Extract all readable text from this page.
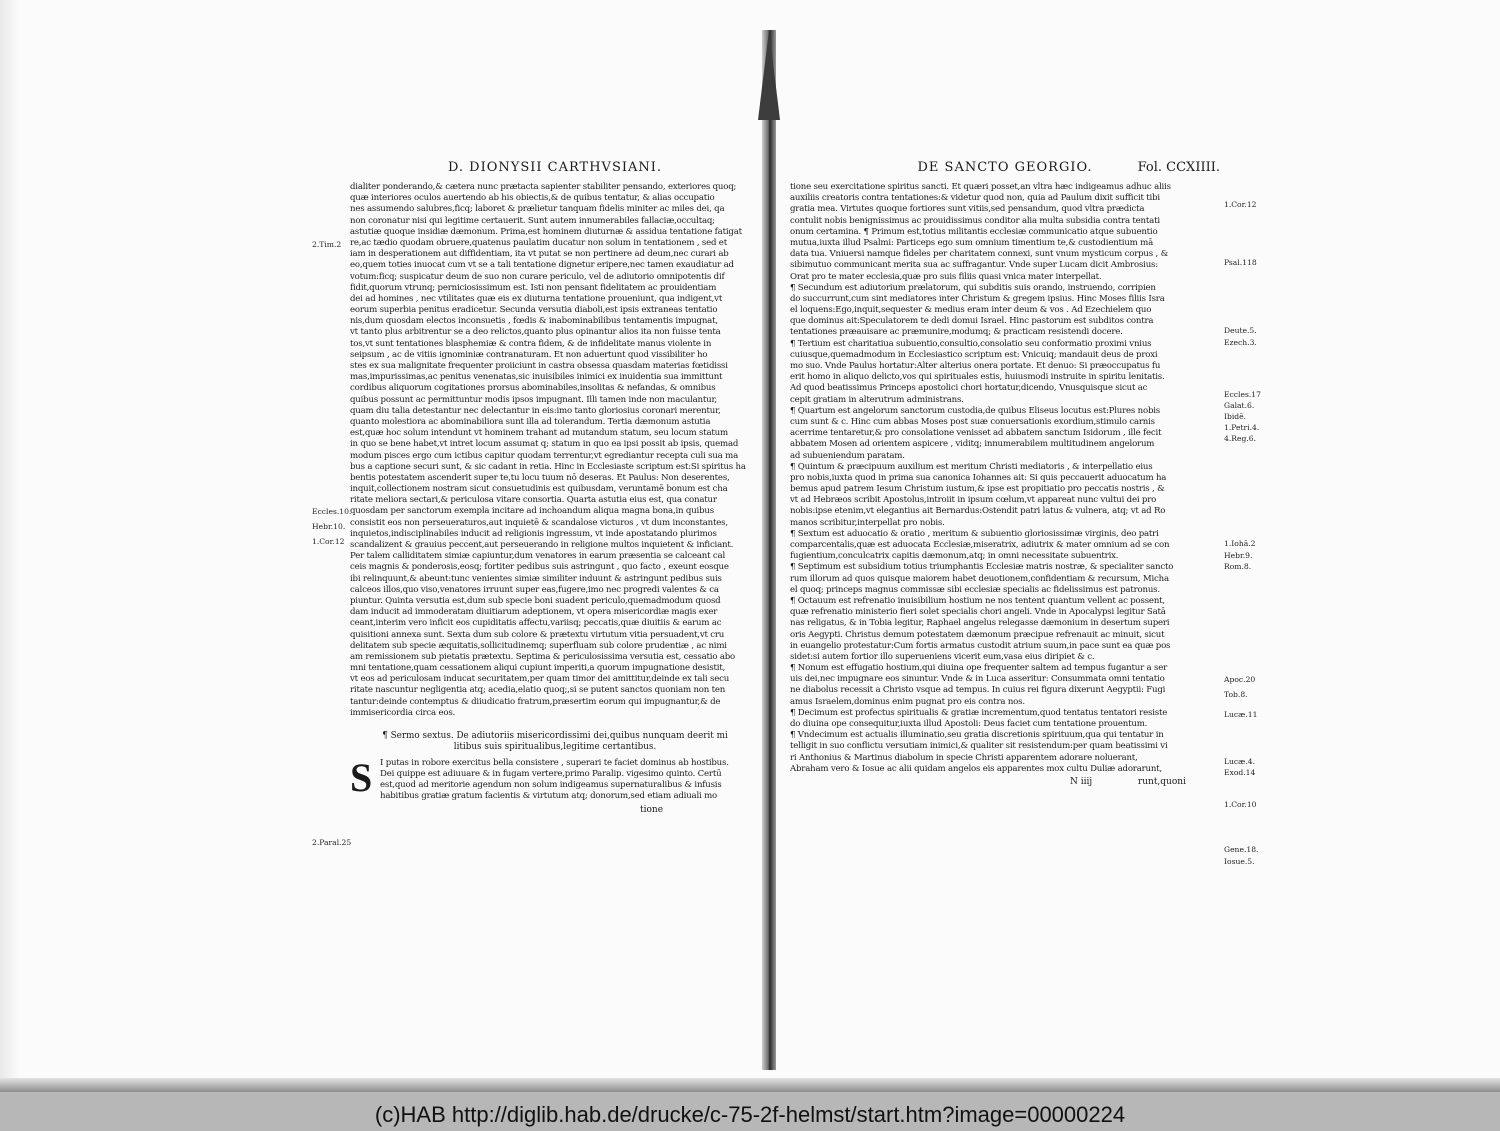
D. DIONYSII CARTHVSIANI.
dialiter ponderando,& cætera nunc prætacta sapienter stabiliter pensando, exteriores quoq;
quæ interiores oculos auertendo ab his obiectis,& de quibus tentatur, & alias occupatio
nes assumendo salubres,ficq; laboret & prælietur tanquam fidelis miniter ac miles dei, qa
non coronatur nisi qui legitime certauerit. Sunt autem innumerabiles fallaciæ,occultaq;
astutiæ quoque insidiæ dæmonum. Prima,est hominem diuturnæ & assidua tentatione fatigat
re,ac tædio quodam obruere,quatenus paulatim ducatur non solum in tentationem , sed et
iam in desperationem aut diffidentiam, ita vt putat se non pertinere ad deum,nec curari ab
eo,quem toties inuocat cum vt se a tali tentatione dignetur eripere,nec tamen exaudiatur ad
votum:ficq; suspicatur deum de suo non curare periculo, vel de adiutorio omnipotentis dif
fidit,quorum vtrunq; perniciosissimum est. Isti non pensant fidelitatem ac prouidentiam
dei ad homines , nec vtilitates quæ eis ex diuturna tentatione proueniunt, qua indigent,vt
eorum superbia penitus eradicetur. Secunda versutia diaboli,est ipsis extraneas tentatio
nis,dum quosdam electos inconsuetis , fœdis & inabominabilibus tentamentis impugnat,
vt tanto plus arbitrentur se a deo relictos,quanto plus opinantur alios ita non fuisse tenta
tos,vt sunt tentationes blasphemiæ & contra fidem, & de infidelitate manus violente in
seipsum , ac de vitiis ignominiæ contranaturam. Et non aduertunt quod vissibiliter ho
stes ex sua malignitate frequenter proiiciunt in castra obsessa quasdam materias fœtidissi
mas,impurissimas,ac penitus venenatas,sic inuisibiles inimici ex inuidentia sua immittunt
cordibus aliquorum cogitationes prorsus abominabiles,insolitas & nefandas, & omnibus
quibus possunt ac permittuntur modis ipsos impugnant. Illi tamen inde non maculantur,
quam diu talia detestantur nec delectantur in eis:imo tanto gloriosius coronari merentur,
quanto molestiora ac abominabiliora sunt illa ad tolerandum. Tertia dæmonum astutia
est,quæ hoc solum intendunt vt hominem trahant ad mutandum statum, seu locum statum
in quo se bene habet,vt intret locum assumat q; statum in quo ea ipsi possit ab ipsis, quemad
modum pisces ergo cum ictibus capitur quodam terrentur,vt egrediantur recepta culi sua ma
bus a captione securi sunt, & sic cadant in retia. Hinc in Ecclesiaste scriptum est:Si spiritus ha
bentis potestatem ascenderit super te,tu locu tuum nō deseras. Et Paulus: Non deserentes,
inquit,collectionem nostram sicut consuetudinis est quibusdam, veruntamē bonum est cha
ritate meliora sectari,& periculosa vitare consortia. Quarta astutia eius est, qua conatur
quosdam per sanctorum exempla incitare ad inchoandum aliqua magna bona,in quibus
consistit eos non perseueraturos,aut inquietē & scandalose victuros , vt dum inconstantes,
inquietos,indisciplinabiles inducit ad religionis ingressum, vt inde apostatando plurimos
scandalizent & grauius peccent,aut perseuerando in religione multos inquietent & inficiant.
Per talem calliditatem simiæ capiuntur,dum venatores in earum præsentia se calceant cal
ceis magnis & ponderosis,eosq; fortiter pedibus suis astringunt , quo facto , exeunt eosque
ibi relinquunt,& abeunt:tunc venientes simiæ similiter induunt & astringunt pedibus suis
calceos illos,quo viso,venatores irruunt super eas,fugere,imo nec progredi valentes & ca
piuntur. Quinta versutia est,dum sub specie boni suadent periculo,quemadmodum quosd
dam inducit ad immoderatam diuitiarum adeptionem, vt opera misericordiæ magis exer
ceant,interim vero inficit eos cupiditatis affectu,variisq; peccatis,quæ diuitiis & earum ac
quisitioni annexa sunt. Sexta dum sub colore & prætextu virtutum vitia persuadent,vt cru
delitatem sub specie æquitatis,sollicitudinemq; superfluam sub colore prudentiæ , ac nimi
am remissionem sub pietatis prætextu. Septima & periculosissima versutia est, cessatio abo
mni tentatione,quam cessationem aliqui cupiunt imperiti,a quorum impugnatione desistit,
vt eos ad periculosam inducat securitatem,per quam timor dei amittitur,deinde ex tali secu
ritate nascuntur negligentia atq; acedia,elatio quoq;,si se putent sanctos quoniam non ten
tantur:deinde contemptus & diiudicatio fratrum,præsertim eorum qui impugnantur,& de
immisericordia circa eos.
¶ Sermo sextus. De adiutoriis misericordissimi dei,quibus nunquam deerit mi
litibus suis spiritualibus,legitime certantibus.
S I putas in robore exercitus bella consistere , superari te faciet dominus ab hostibus.
Dei quippe est adiuuare & in fugam vertere,primo Paralip. vigesimo quinto. Certū
est,quod ad meritorie agendum non solum indigeamus supernaturalibus & infusis
habitibus gratiæ gratum facientis & virtutum atq; donorum,sed etiam adiuali mo
tione
2.Tim.2
Eccles.10.
Hebr.10.
1.Cor.12
2.Paral.25
DE SANCTO GEORGIO.	Fol. CCXIIII.
tione seu exercitatione spiritus sancti. Et quæri posset,an vltra hæc indigeamus adhuc aliis
auxiliis creatoris contra tentationes:& videtur quod non, quia ad Paulum dixit sufficit tibi
gratia mea. Virtutes quoque fortiores sunt vitiis,sed pensandum, quod vltra prædicta
contulit nobis benignissimus ac prouidissimus conditor alia multa subsidia contra tentati
onum certamina. ¶ Primum est,totius militantis ecclesiæ communicatio atque subuentio
mutua,iuxta illud Psalmi: Particeps ego sum omnium timentium te,& custodientium mā
data tua. Vniuersi namque fideles per charitatem connexi, sunt vnum mysticum corpus , &
sibimutuo communicant merita sua ac suffragantur. Vnde super Lucam dicit Ambrosius:
Orat pro te mater ecclesia,quæ pro suis filiis quasi vnica mater interpellat.
¶ Secundum est adiutorium prælatorum, qui subditis suis orando, instruendo, corripien
do succurrunt,cum sint mediatores inter Christum & gregem ipsius. Hinc Moses filiis Isra
el loquens:Ego,inquit,sequester & medius eram inter deum & vos . Ad Ezechielem quo
que dominus ait:Speculatorem te dedi domui Israel. Hinc pastorum est subditos contra
tentationes præauisare ac præmunire,modumq; & practicam resistendi docere.
¶ Tertium est charitatiua subuentio,consultio,consolatio seu conformatio proximi vnius
cuiusque,quemadmodum in Ecclesiastico scriptum est: Vnicuiq; mandauit deus de proxi
mo suo. Vnde Paulus hortatur:Alter alterius onera portate. Et denuo: Si præoccupatus fu
erit homo in aliquo delicto,vos qui spirituales estis, huiusmodi instruite in spiritu lenitatis.
Ad quod beatissimus Princeps apostolici chori hortatur,dicendo, Vnusquisque sicut ac
cepit gratiam in alterutrum administrans.
¶ Quartum est angelorum sanctorum custodia,de quibus Eliseus locutus est:Plures nobis
cum sunt & c. Hinc cum abbas Moses post suæ conuersationis exordium,stimulo carnis
acerrime tentaretur,& pro consolatione venisset ad abbatem sanctum Isidorum , ille fecit
abbatem Mosen ad orientem aspicere , viditq; innumerabilem multitudinem angelorum
ad subueniendum paratam.
¶ Quintum & præcipuum auxilium est meritum Christi mediatoris , & interpellatio eius
pro nobis,iuxta quod in prima sua canonica Iohannes ait: Si quis peccauerit aduocatum ha
bemus apud patrem Iesum Christum iustum,& ipse est propitiatio pro peccatis nostris , &
vt ad Hebræos scribit Apostolus,introiit in ipsum cœlum,vt appareat nunc vultui dei pro
nobis:ipse etenim,vt elegantius ait Bernardus:Ostendit patri latus & vulnera, atq; vt ad Ro
manos scribitur,interpellat pro nobis.
¶ Sextum est aduocatio & oratio , meritum & subuentio gloriosissimæ virginis, deo patri
comparcentalis,quæ est aduocata Ecclesiæ,miseratrix, adiutrix & mater omnium ad se con
fugientium,conculcatrix capitis dæmonum,atq; in omni necessitate subuentrix.
¶ Septimum est subsidium totius triumphantis Ecclesiæ matris nostræ, & specialiter sancto
rum illorum ad quos quisque maiorem habet deuotionem,confidentiam & recursum, Micha
el quoq; princeps magnus commissæ sibi ecclesiæ specialis ac fidelissimus est patronus.
¶ Octauum est refrenatio inuisibilium hostium ne nos tentent quantum vellent ac possent,
quæ refrenatio ministerio fieri solet specialis chori angeli. Vnde in Apocalypsi legitur Satā
nas religatus, & in Tobia legitur, Raphael angelus relegasse dæmonium in desertum superi
oris Aegypti. Christus demum potestatem dæmonum præcipue refrenauit ac minuit, sicut
in euangelio protestatur:Cum fortis armatus custodit atrium suum,in pace sunt ea quæ pos
sidet:si autem fortior illo superueniens vicerit eum,vasa eius diripiet & c.
¶ Nonum est effugatio hostium,qui diuina ope frequenter saltem ad tempus fugantur a ser
uis dei,nec impugnare eos sinuntur. Vnde & in Luca asseritur: Consummata omni tentatio
ne diabolus recessit a Christo vsque ad tempus. In cuius rei figura dixerunt Aegyptii: Fugi
amus Israelem,dominus enim pugnat pro eis contra nos.
¶ Decimum est profectus spiritualis & gratiæ incrementum,quod tentatus tentatori resiste
do diuina ope consequitur,iuxta illud Apostoli: Deus faciet cum tentatione prouentum.
¶ Vndecimum est actualis illuminatio,seu gratia discretionis spirituum,qua qui tentatur in
telligit in suo conflictu versutiam inimici,& qualiter sit resistendum:per quam beatissimi vi
ri Anthonius & Martinus diabolum in specie Christi apparentem adorare noluerant,
Abraham vero & Iosue ac alii quidam angelos eis apparentes mox cultu Duliæ adorarunt,
N iiij	runt,quoni
1.Cor.12
Psal.118
Deute.5.
Ezech.3.
Eccles.17
Galat.6.
Ibidē.
1.Petri.4.
4.Reg.6.
1.Iohā.2
Hebr.9.
Rom.8.
Apoc.20
Tob.8.
Lucæ.11
Lucæ.4.
Exod.14
1.Cor.10
Gene.18.
Iosue.5.
(c)HAB http://diglib.hab.de/drucke/c-75-2f-helmst/start.htm?image=00000224
